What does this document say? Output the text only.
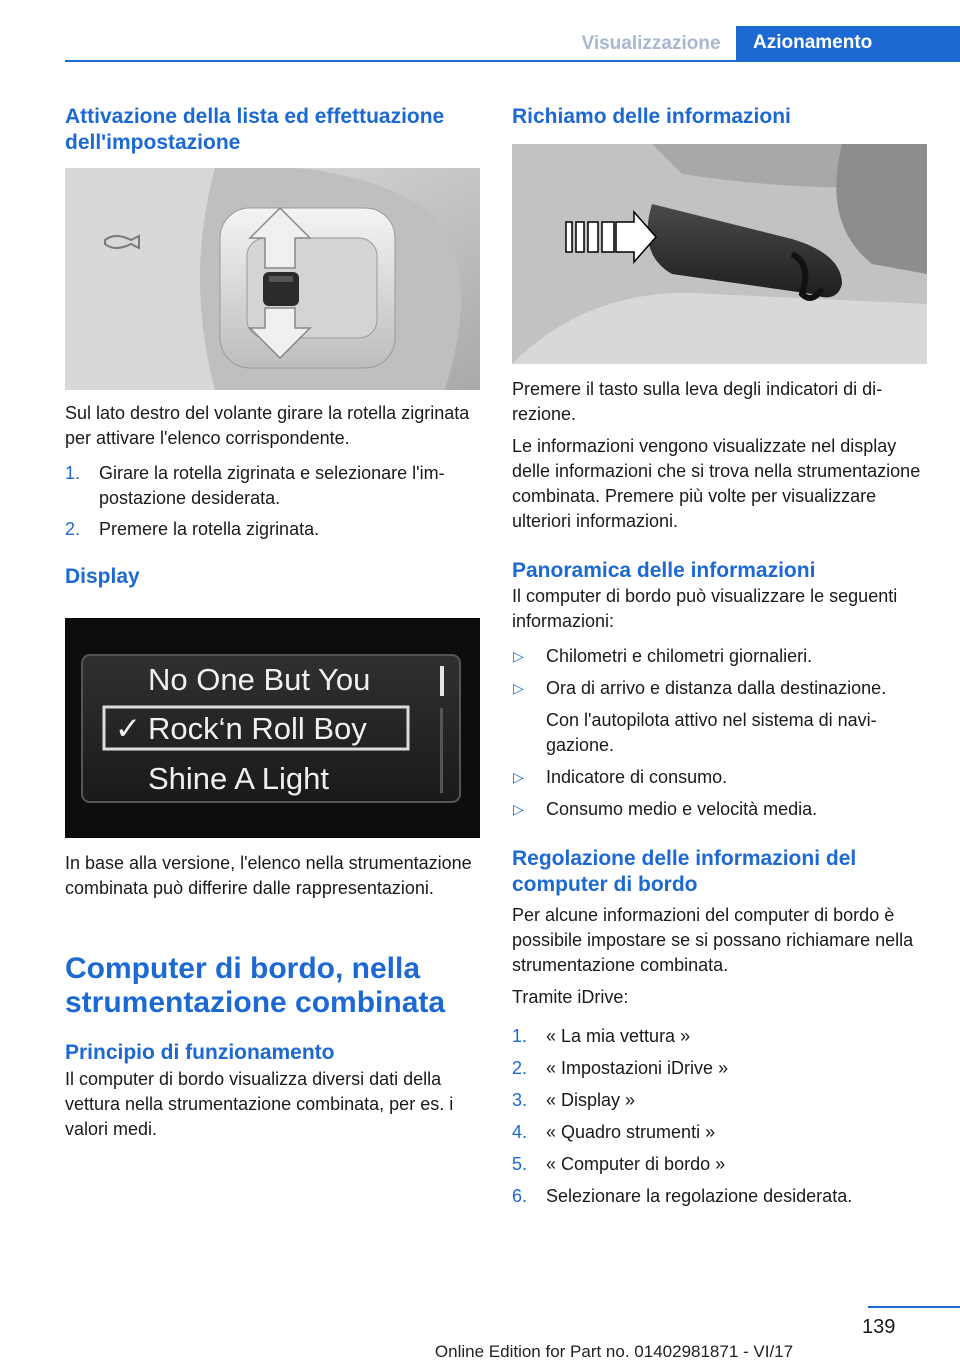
Visualizzazione	Azionamento
Attivazione della lista ed effettuazione dell'impostazione

Sul lato destro del volante girare la rotella zigrinata per attivare l'elenco corrispondente.

1. Girare la rotella zigrinata e selezionare l'impostazione desiderata.
2. Premere la rotella zigrinata.
Display
No One But You
✓ Rock‘n Roll Boy
Shine A Light

In base alla versione, l'elenco nella strumentazione combinata può differire dalle rappresentazioni.

Computer di bordo, nella strumentazione combinata
Principio di funzionamento

Il computer di bordo visualizza diversi dati della vettura nella strumentazione combinata, per es. i valori medi.

Richiamo delle informazioni

Premere il tasto sulla leva degli indicatori di direzione.

Le informazioni vengono visualizzate nel display delle informazioni che si trova nella strumentazione combinata. Premere più volte per visualizzare ulteriori informazioni.

Panoramica delle informazioni

Il computer di bordo può visualizzare le seguenti informazioni:

▷ Chilometri e chilometri giornalieri.
▷ Ora di arrivo e distanza dalla destinazione.
Con l'autopilota attivo nel sistema di navigazione.
▷ Indicatore di consumo.
▷ Consumo medio e velocità media.
Regolazione delle informazioni del computer di bordo

Per alcune informazioni del computer di bordo è possibile impostare se si possano richiamare nella strumentazione combinata.

Tramite iDrive:

1. « La mia vettura »
2. « Impostazioni iDrive »
3. « Display »
4. « Quadro strumenti »
5. « Computer di bordo »
6. Selezionare la regolazione desiderata.
139
Online Edition for Part no. 01402981871 - VI/17
